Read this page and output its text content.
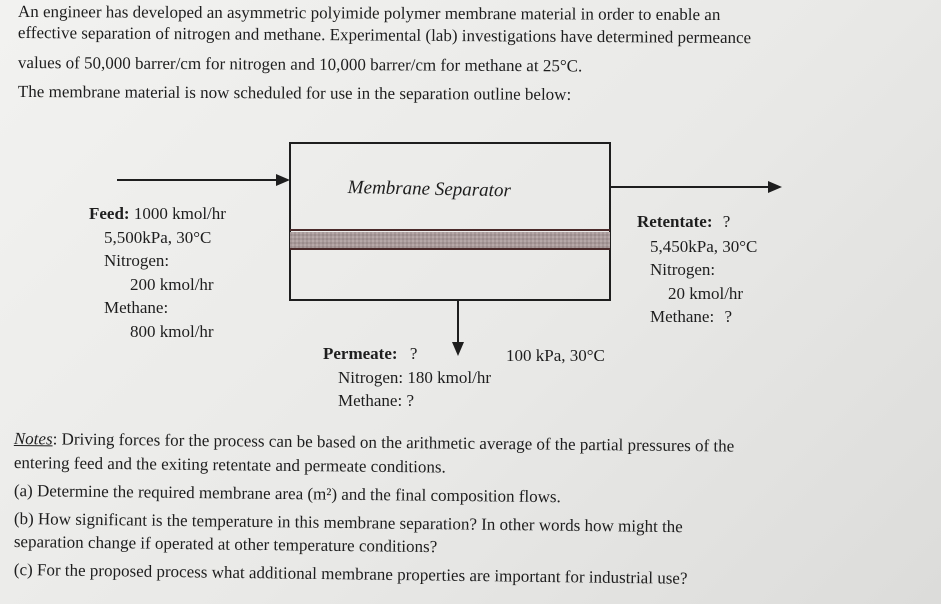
An engineer has developed an asymmetric polyimide polymer membrane material in order to enable an
effective separation of nitrogen and methane. Experimental (lab) investigations have determined permeance
values of 50,000 barrer/cm for nitrogen and 10,000 barrer/cm for methane at 25°C.
The membrane material is now scheduled for use in the separation outline below:
Membrane Separator
Feed: 1000 kmol/hr
5,500kPa, 30°C
Nitrogen:
200 kmol/hr
Methane:
800 kmol/hr
Retentate: ?
5,450kPa, 30°C
Nitrogen:
20 kmol/hr
Methane: ?
Permeate: ?	100 kPa, 30°C
Nitrogen: 180 kmol/hr
Methane: ?
Notes: Driving forces for the process can be based on the arithmetic average of the partial pressures of the
entering feed and the exiting retentate and permeate conditions.
(a) Determine the required membrane area (m²) and the final composition flows.
(b) How significant is the temperature in this membrane separation? In other words how might the
separation change if operated at other temperature conditions?
(c) For the proposed process what additional membrane properties are important for industrial use?
